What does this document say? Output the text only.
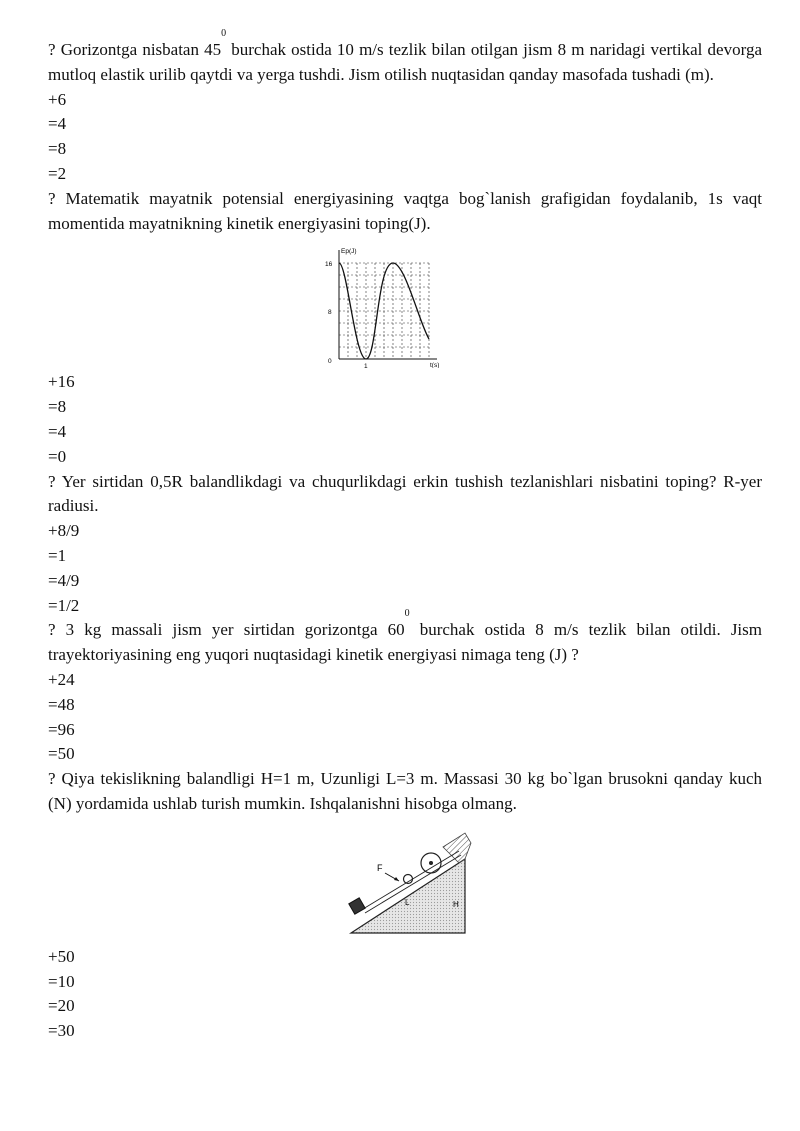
? Gorizontga nisbatan $45^0$ burchak ostida 10 m/s tezlik bilan otilgan jism 8 m naridagi vertikal devorga mutloq elastik urilib qaytdi va yerga tushdi. Jism otilish nuqtasidan qanday masofada tushadi (m).
+6
=4
=8
=2
? Matematik mayatnik potensial energiyasining vaqtga bog`lanish grafigidan foydalanib, 1s vaqt momentida mayatnikning kinetik energiyasini toping(J).
Ep(J)
t(s)
16
8
0
1
+16
=8
=4
=0
? Yer sirtidan 0,5R balandlikdagi va chuqurlikdagi erkin tushish tezlanishlari nisbatini toping? R-yer radiusi.
+8/9
=1
=4/9
=1/2
? 3 kg massali jism yer sirtidan gorizontga $60^0$ burchak ostida 8 m/s tezlik bilan otildi. Jism trayektoriyasining eng yuqori nuqtasidagi kinetik energiyasi nimaga teng (J) ?
+24
=48
=96
=50
? Qiya tekislikning balandligi H=1 m, Uzunligi L=3 m. Massasi 30 kg bo`lgan brusokni qanday kuch (N) yordamida ushlab turish mumkin. Ishqalanishni hisobga olmang.
F
L	H
+50
=10
=20
=30
